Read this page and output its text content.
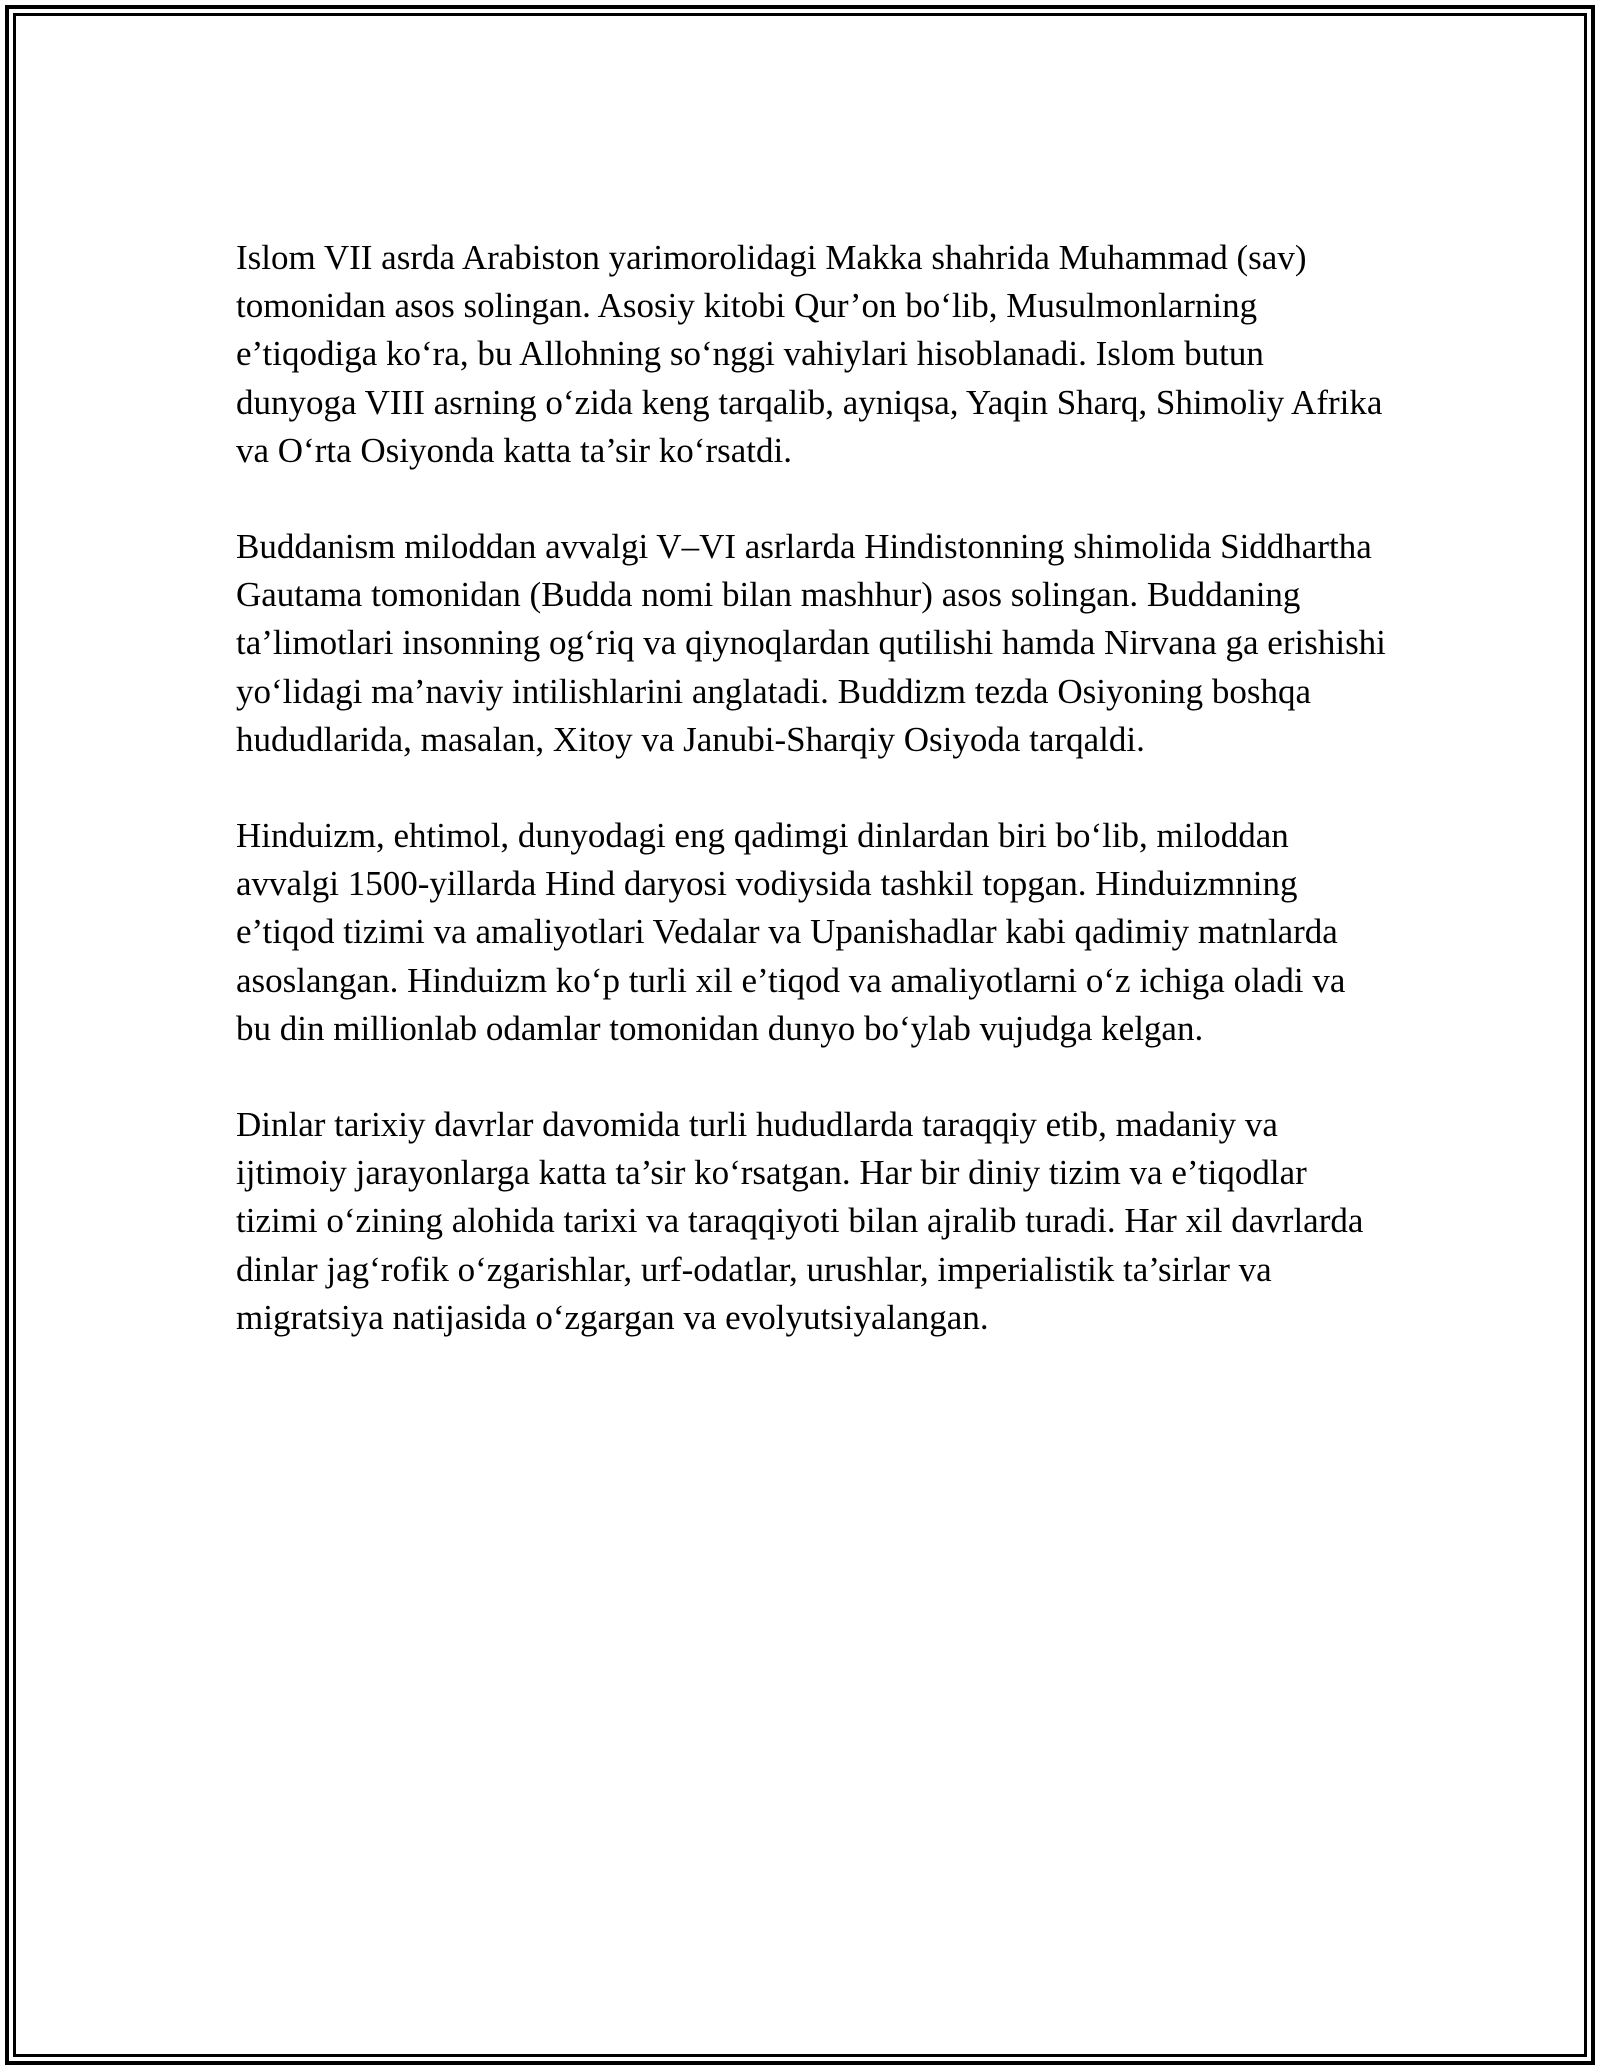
Islom VII asrda Arabiston yarimorolidagi Makka shahrida Muhammad (sav) tomonidan asos solingan. Asosiy kitobi Qur’on bo‘lib, Musulmonlarning e’tiqodiga ko‘ra, bu Allohning so‘nggi vahiylari hisoblanadi. Islom butun dunyoga VIII asrning o‘zida keng tarqalib, ayniqsa, Yaqin Sharq, Shimoliy Afrika va O‘rta Osiyonda katta ta’sir ko‘rsatdi.

Buddanism miloddan avvalgi V–VI asrlarda Hindistonning shimolida Siddhartha Gautama tomonidan (Budda nomi bilan mashhur) asos solingan. Buddaning ta’limotlari insonning og‘riq va qiynoqlardan qutilishi hamda Nirvana ga erishishi yo‘lidagi ma’naviy intilishlarini anglatadi. Buddizm tezda Osiyoning boshqa hududlarida, masalan, Xitoy va Janubi-Sharqiy Osiyoda tarqaldi.

Hinduizm, ehtimol, dunyodagi eng qadimgi dinlardan biri bo‘lib, miloddan avvalgi 1500-yillarda Hind daryosi vodiysida tashkil topgan. Hinduizmning e’tiqod tizimi va amaliyotlari Vedalar va Upanishadlar kabi qadimiy matnlarda asoslangan. Hinduizm ko‘p turli xil e’tiqod va amaliyotlarni o‘z ichiga oladi va bu din millionlab odamlar tomonidan dunyo bo‘ylab vujudga kelgan.

Dinlar tarixiy davrlar davomida turli hududlarda taraqqiy etib, madaniy va ijtimoiy jarayonlarga katta ta’sir ko‘rsatgan. Har bir diniy tizim va e’tiqodlar tizimi o‘zining alohida tarixi va taraqqiyoti bilan ajralib turadi. Har xil davrlarda dinlar jag‘rofik o‘zgarishlar, urf-odatlar, urushlar, imperialistik ta’sirlar va migratsiya natijasida o‘zgargan va evolyutsiyalangan.
